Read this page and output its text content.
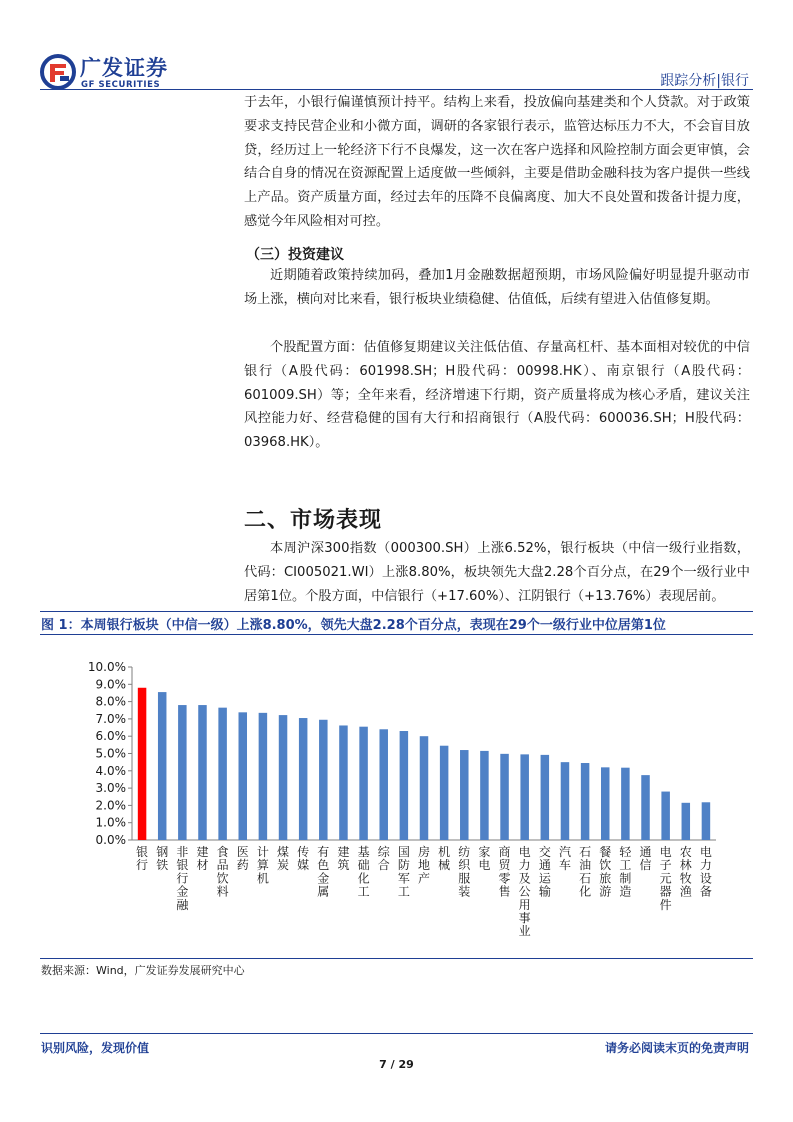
广发证券
GF SECURITIES	跟踪分析|银行

于去年，小银行偏谨慎预计持平。结构上来看，投放偏向基建类和个人贷款。对于政策要求支持民营企业和小微方面，调研的各家银行表示，监管达标压力不大，不会盲目放贷，经历过上一轮经济下行不良爆发，这一次在客户选择和风险控制方面会更审慎，会结合自身的情况在资源配置上适度做一些倾斜，主要是借助金融科技为客户提供一些线上产品。资产质量方面，经过去年的压降不良偏离度、加大不良处置和拨备计提力度，感觉今年风险相对可控。

（三）投资建议

近期随着政策持续加码，叠加1月金融数据超预期，市场风险偏好明显提升驱动市场上涨，横向对比来看，银行板块业绩稳健、估值低，后续有望进入估值修复期。

个股配置方面：估值修复期建议关注低估值、存量高杠杆、基本面相对较优的中信银行（A股代码：601998.SH；H股代码：00998.HK）、南京银行（A股代码：601009.SH）等；全年来看，经济增速下行期，资产质量将成为核心矛盾，建议关注风控能力好、经营稳健的国有大行和招商银行（A股代码：600036.SH；H股代码：03968.HK）。

二、市场表现

本周沪深300指数（000300.SH）上涨6.52%，银行板块（中信一级行业指数，代码：CI005021.WI）上涨8.80%，板块领先大盘2.28个百分点，在29个一级行业中居第1位。个股方面，中信银行（+17.60%）、江阴银行（+13.76%）表现居前。

图 1：本周银行板块（中信一级）上涨8.80%，领先大盘2.28个百分点，表现在29个一级行业中位居第1位
0.0%
1.0%
2.0%
3.0%
4.0%
5.0%
6.0%
7.0%
8.0%
9.0%
10.0%
银行
钢铁
非银行金融
建材
食品饮料
医药
计算机
煤炭
传媒
有色金属
建筑
基础化工
综合
国防军工
房地产
机械
纺织服装
家电
商贸零售
电力及公用事业
交通运输
汽车
石油石化
餐饮旅游
轻工制造
通信
电子元器件
农林牧渔
电力设备
数据来源：Wind，广发证券发展研究中心
识别风险，发现价值	请务必阅读末页的免责声明
7 / 29
